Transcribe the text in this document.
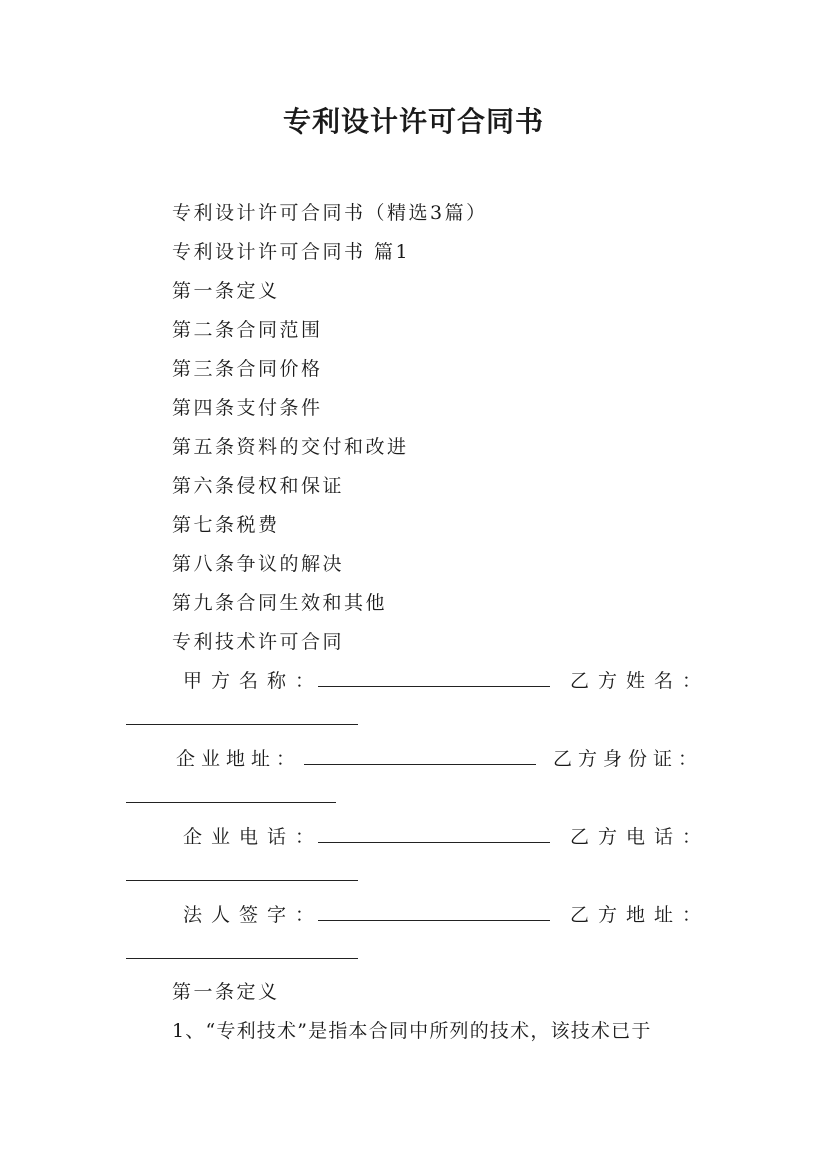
专利设计许可合同书

专利设计许可合同书（精选3篇）

专利设计许可合同书 篇1

第一条定义

第二条合同范围

第三条合同价格

第四条支付条件

第五条资料的交付和改进

第六条侵权和保证

第七条税费

第八条争议的解决

第九条合同生效和其他

专利技术许可合同

甲方名称：	乙方姓名：
企业地址：	乙方身份证：
企业电话：	乙方电话：
法人签字：	乙方地址：

第一条定义

1、“专利技术”是指本合同中所列的技术，该技术已于
